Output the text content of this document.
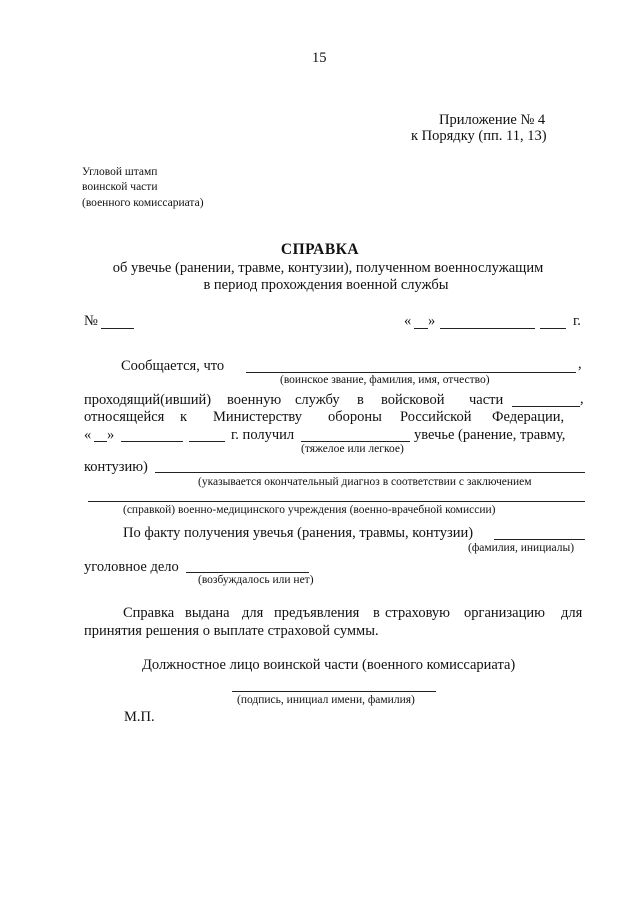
15
Приложение № 4
к Порядку (пп. 11, 13)
Угловой штамп
воинской части
(военного комиссариата)
СПРАВКА
об увечье (ранении, травме, контузии), полученном военнослужащим
в период прохождения военной службы
№	« »	г.
Сообщается, что	,
(воинское звание, фамилия, имя, отчество)
проходящий(ивший) военную службу в войсковой части	,
относящейся к Министерству обороны Российской Федерации,
« »	г. получил	увечье (ранение, травму,
(тяжелое или легкое)
контузию)
(указывается окончательный диагноз в соответствии с заключением
(справкой) военно-медицинского учреждения (военно-врачебной комиссии)
По факту получения увечья (ранения, травмы, контузии)
(фамилия, инициалы)
уголовное дело
(возбуждалось или нет)
Справка выдана для предъявления в страховую организацию для
принятия решения о выплате страховой суммы.
Должностное лицо воинской части (военного комиссариата)
(подпись, инициал имени, фамилия)
М.П.
